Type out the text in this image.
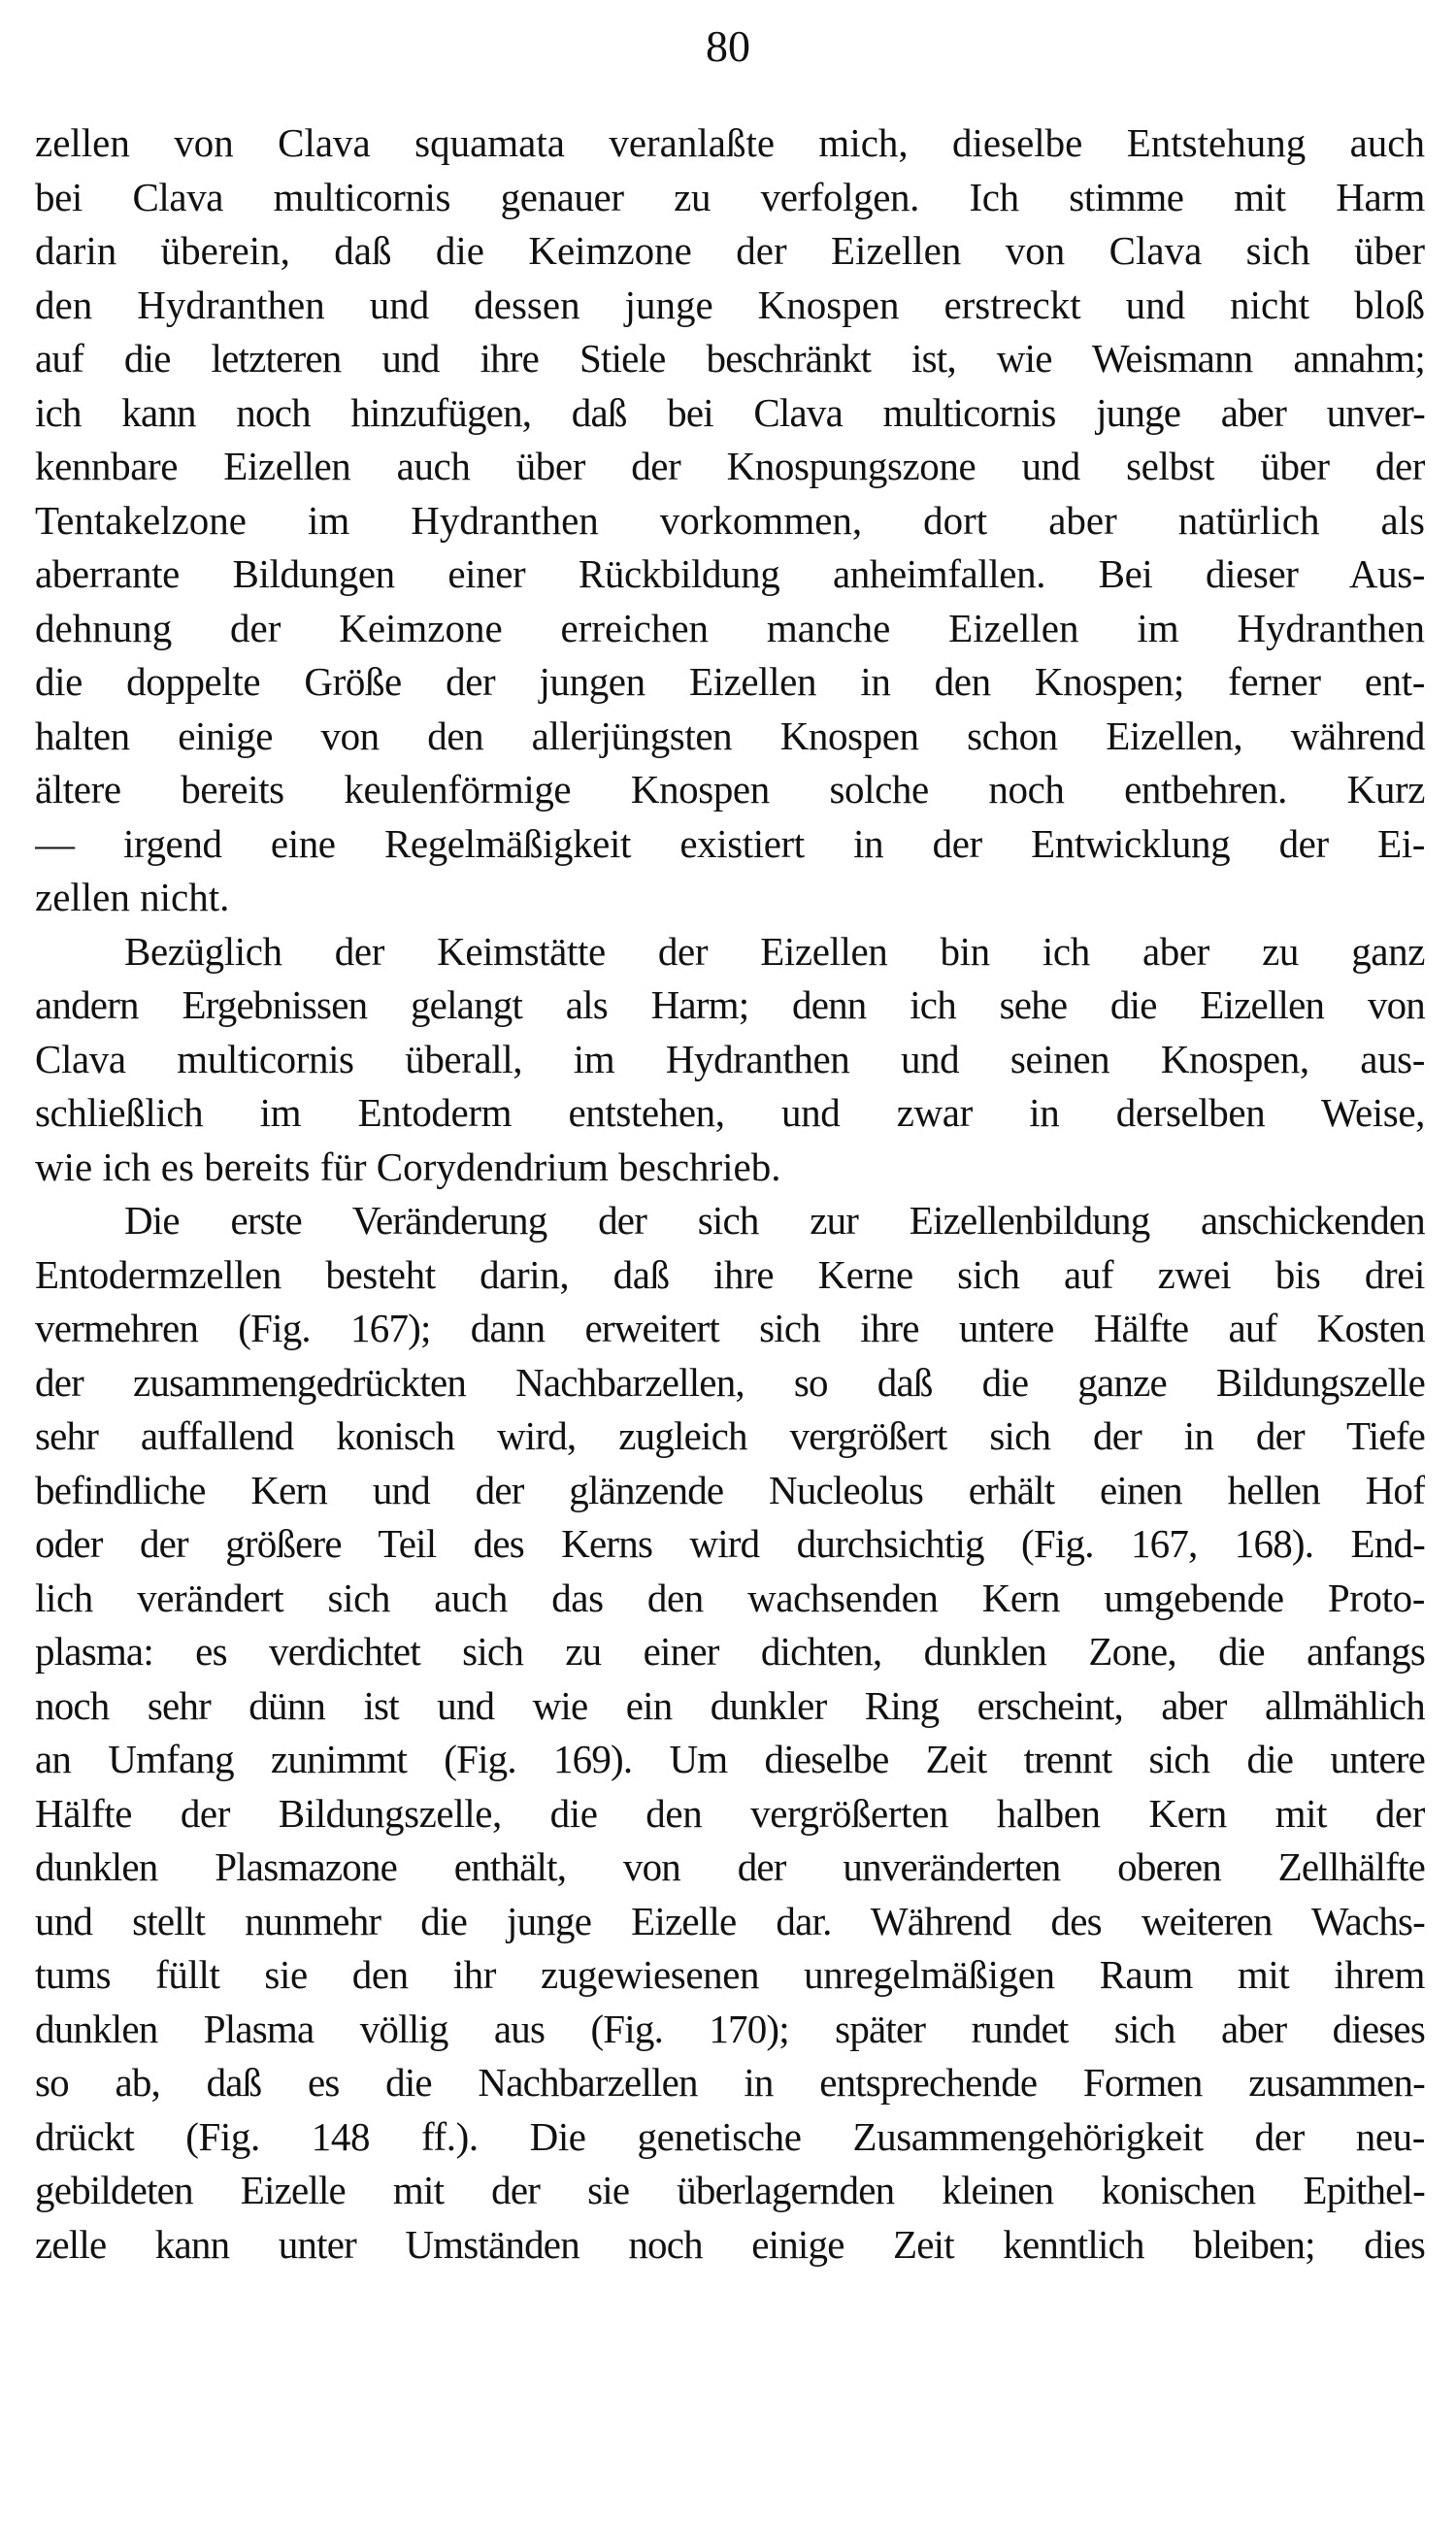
80
zellen von Clava squamata veranlaßte mich, dieselbe Entstehung auch
bei Clava multicornis genauer zu verfolgen. Ich stimme mit Harm
darin überein, daß die Keimzone der Eizellen von Clava sich über
den Hydranthen und dessen junge Knospen erstreckt und nicht bloß
auf die letzteren und ihre Stiele beschränkt ist, wie Weismann annahm;
ich kann noch hinzufügen, daß bei Clava multicornis junge aber unver-
kennbare Eizellen auch über der Knospungszone und selbst über der
Tentakelzone im Hydranthen vorkommen, dort aber natürlich als
aberrante Bildungen einer Rückbildung anheimfallen. Bei dieser Aus-
dehnung der Keimzone erreichen manche Eizellen im Hydranthen
die doppelte Größe der jungen Eizellen in den Knospen; ferner ent-
halten einige von den allerjüngsten Knospen schon Eizellen, während
ältere bereits keulenförmige Knospen solche noch entbehren. Kurz
— irgend eine Regelmäßigkeit existiert in der Entwicklung der Ei-
zellen nicht.
Bezüglich der Keimstätte der Eizellen bin ich aber zu ganz
andern Ergebnissen gelangt als Harm; denn ich sehe die Eizellen von
Clava multicornis überall, im Hydranthen und seinen Knospen, aus-
schließlich im Entoderm entstehen, und zwar in derselben Weise,
wie ich es bereits für Corydendrium beschrieb.
Die erste Veränderung der sich zur Eizellenbildung anschickenden
Entodermzellen besteht darin, daß ihre Kerne sich auf zwei bis drei
vermehren (Fig. 167); dann erweitert sich ihre untere Hälfte auf Kosten
der zusammengedrückten Nachbarzellen, so daß die ganze Bildungszelle
sehr auffallend konisch wird, zugleich vergrößert sich der in der Tiefe
befindliche Kern und der glänzende Nucleolus erhält einen hellen Hof
oder der größere Teil des Kerns wird durchsichtig (Fig. 167, 168). End-
lich verändert sich auch das den wachsenden Kern umgebende Proto-
plasma: es verdichtet sich zu einer dichten, dunklen Zone, die anfangs
noch sehr dünn ist und wie ein dunkler Ring erscheint, aber allmählich
an Umfang zunimmt (Fig. 169). Um dieselbe Zeit trennt sich die untere
Hälfte der Bildungszelle, die den vergrößerten halben Kern mit der
dunklen Plasmazone enthält, von der unveränderten oberen Zellhälfte
und stellt nunmehr die junge Eizelle dar. Während des weiteren Wachs-
tums füllt sie den ihr zugewiesenen unregelmäßigen Raum mit ihrem
dunklen Plasma völlig aus (Fig. 170); später rundet sich aber dieses
so ab, daß es die Nachbarzellen in entsprechende Formen zusammen-
drückt (Fig. 148 ff.). Die genetische Zusammengehörigkeit der neu-
gebildeten Eizelle mit der sie überlagernden kleinen konischen Epithel-
zelle kann unter Umständen noch einige Zeit kenntlich bleiben; dies
